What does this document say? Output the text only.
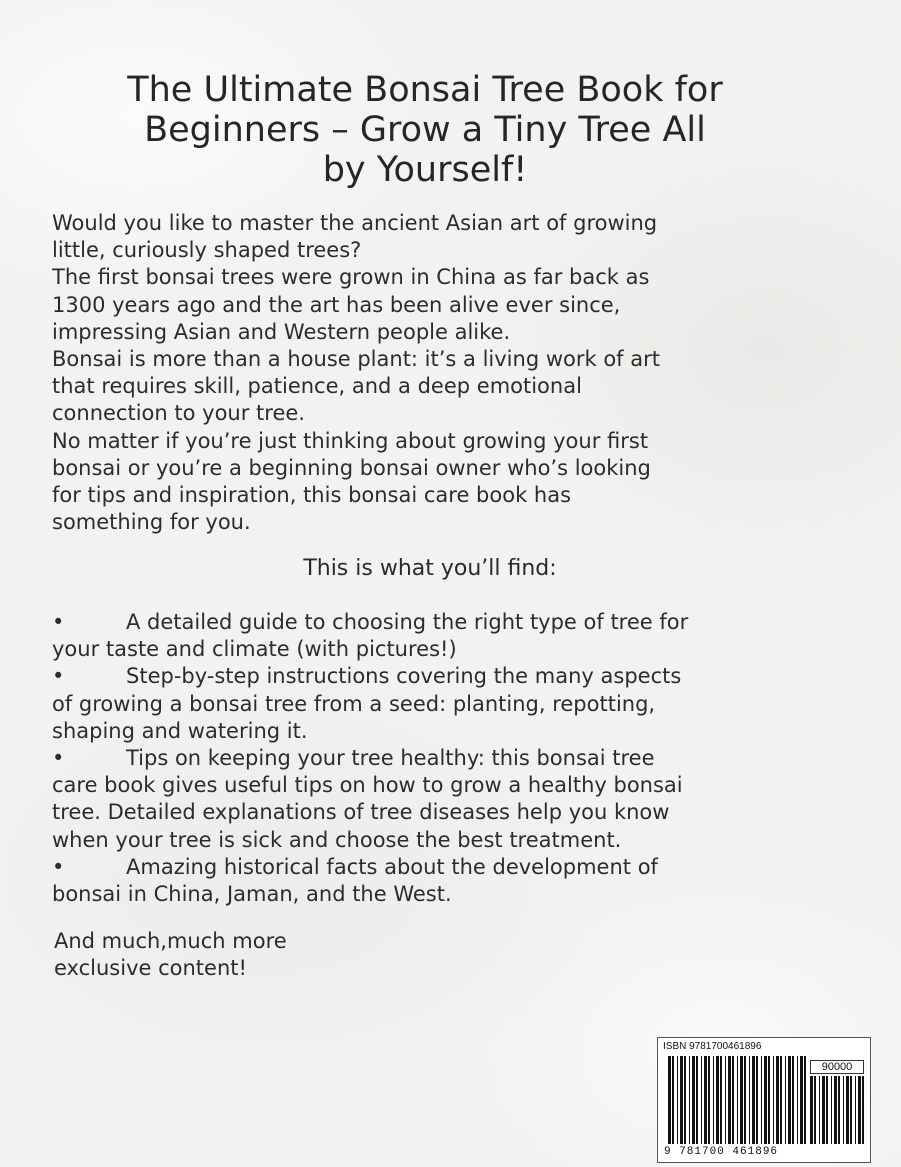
The Ultimate Bonsai Tree Book for
Beginners – Grow a Tiny Tree All
by Yourself!

Would you like to master the ancient Asian art of growing
little, curiously shaped trees?
The first bonsai trees were grown in China as far back as
1300 years ago and the art has been alive ever since,
impressing Asian and Western people alike.
Bonsai is more than a house plant: it’s a living work of art
that requires skill, patience, and a deep emotional
connection to your tree.
No matter if you’re just thinking about growing your first
bonsai or you’re a beginning bonsai owner who’s looking
for tips and inspiration, this bonsai care book has
something for you.

This is what you’ll find:
•	A detailed guide to choosing the right type of tree for
your taste and climate (with pictures!)
•	Step-by-step instructions covering the many aspects
of growing a bonsai tree from a seed: planting, repotting,
shaping and watering it.
•	Tips on keeping your tree healthy: this bonsai tree
care book gives useful tips on how to grow a healthy bonsai
tree. Detailed explanations of tree diseases help you know
when your tree is sick and choose the best treatment.
•	Amazing historical facts about the development of
bonsai in China, Jaman, and the West.

And much,much more
exclusive content!

ISBN 9781700461896
90000
9 781700 461896
